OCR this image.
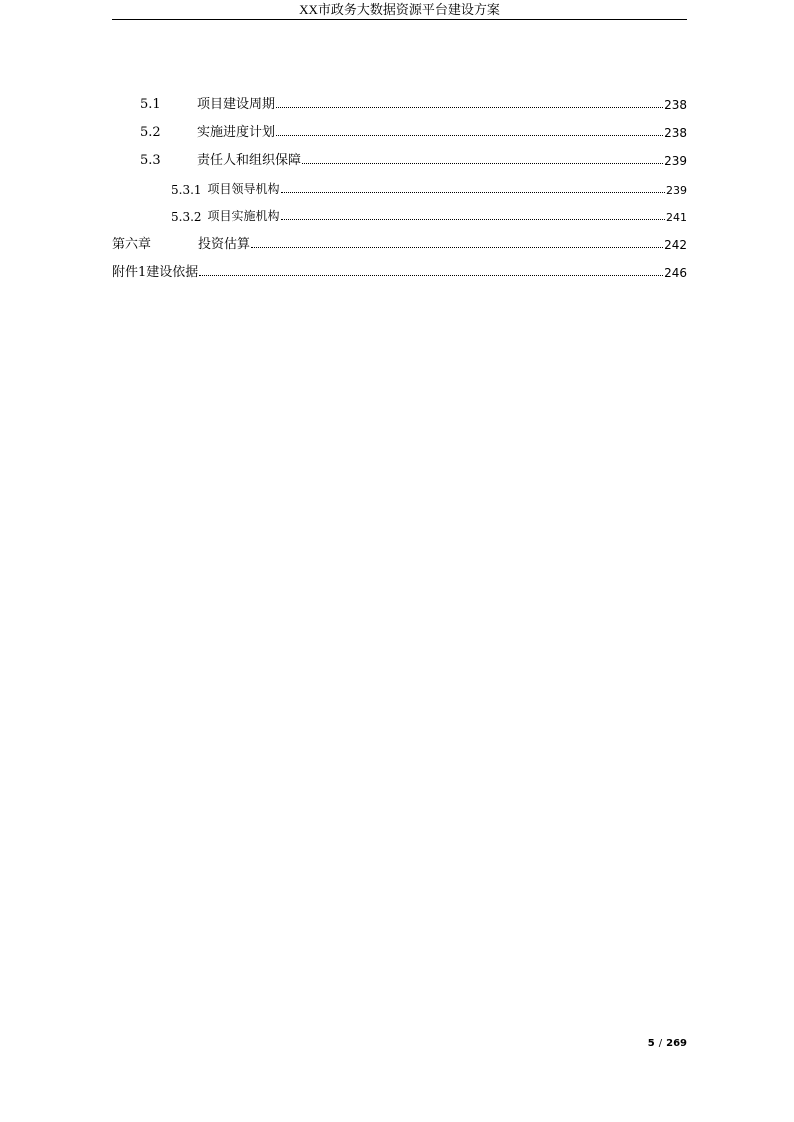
XX市政务大数据资源平台建设方案
5.1	项目建设周期	238
5.2	实施进度计划	238
5.3	责任人和组织保障	239
5.3.1 项目领导机构	239
5.3.2 项目实施机构	241
第六章	投资估算	242
附件1建设依据	246
5 / 269
